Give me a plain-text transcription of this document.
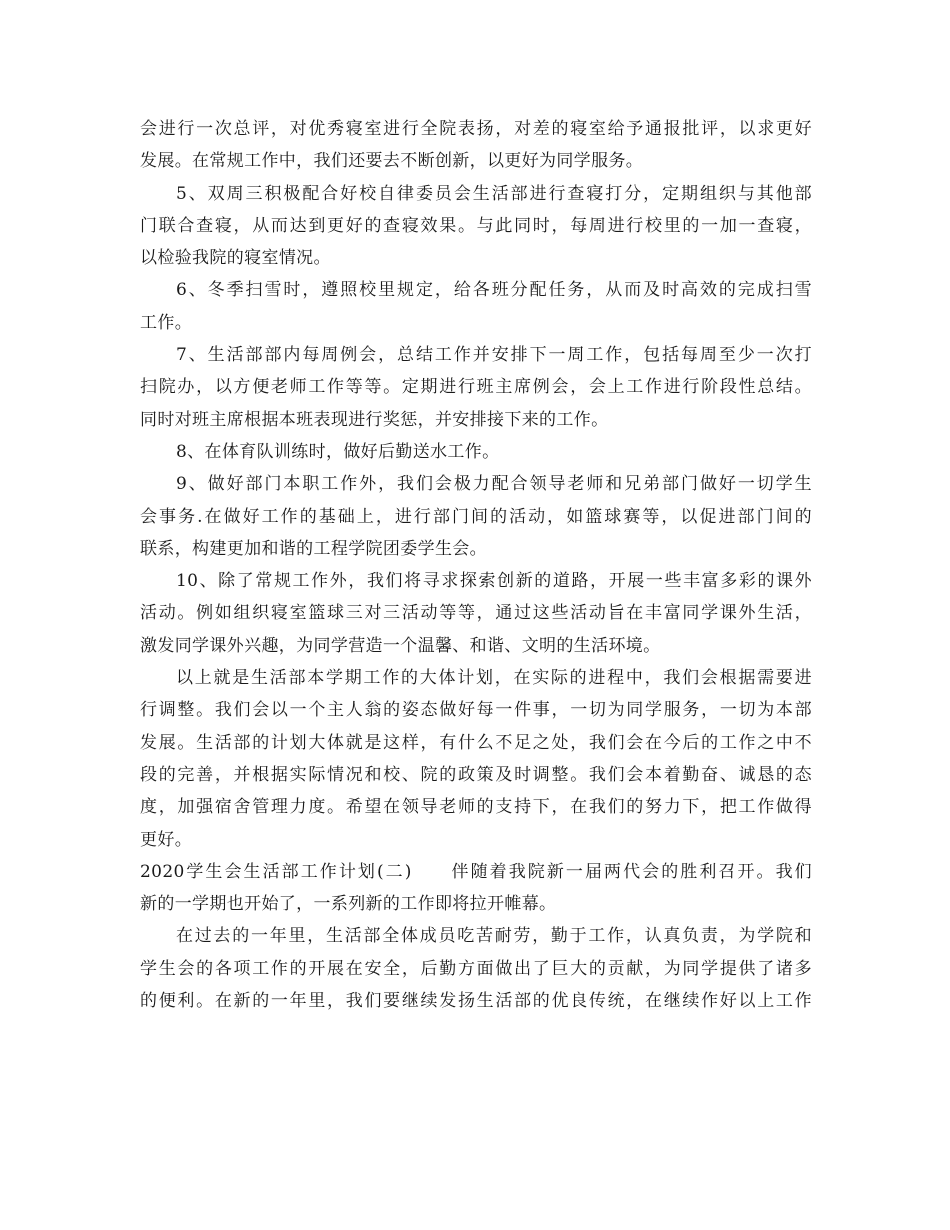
会进行一次总评，对优秀寝室进行全院表扬，对差的寝室给予通报批评，以求更好
发展。在常规工作中，我们还要去不断创新，以更好为同学服务。
5、双周三积极配合好校自律委员会生活部进行查寝打分，定期组织与其他部
门联合查寝，从而达到更好的查寝效果。与此同时，每周进行校里的一加一查寝，
以检验我院的寝室情况。
6、冬季扫雪时，遵照校里规定，给各班分配任务，从而及时高效的完成扫雪
工作。
7、生活部部内每周例会，总结工作并安排下一周工作，包括每周至少一次打
扫院办，以方便老师工作等等。定期进行班主席例会，会上工作进行阶段性总结。
同时对班主席根据本班表现进行奖惩，并安排接下来的工作。
8、在体育队训练时，做好后勤送水工作。
9、做好部门本职工作外，我们会极力配合领导老师和兄弟部门做好一切学生
会事务.在做好工作的基础上，进行部门间的活动，如篮球赛等，以促进部门间的
联系，构建更加和谐的工程学院团委学生会。
10、除了常规工作外，我们将寻求探索创新的道路，开展一些丰富多彩的课外
活动。例如组织寝室篮球三对三活动等等，通过这些活动旨在丰富同学课外生活，
激发同学课外兴趣，为同学营造一个温馨、和谐、文明的生活环境。
以上就是生活部本学期工作的大体计划，在实际的进程中，我们会根据需要进
行调整。我们会以一个主人翁的姿态做好每一件事，一切为同学服务，一切为本部
发展。生活部的计划大体就是这样，有什么不足之处，我们会在今后的工作之中不
段的完善，并根据实际情况和校、院的政策及时调整。我们会本着勤奋、诚恳的态
度，加强宿舍管理力度。希望在领导老师的支持下，在我们的努力下，把工作做得
更好。
2020学生会生活部工作计划(二)　　伴随着我院新一届两代会的胜利召开。我们
新的一学期也开始了，一系列新的工作即将拉开帷幕。
在过去的一年里，生活部全体成员吃苦耐劳，勤于工作，认真负责，为学院和
学生会的各项工作的开展在安全，后勤方面做出了巨大的贡献，为同学提供了诸多
的便利。在新的一年里，我们要继续发扬生活部的优良传统，在继续作好以上工作
